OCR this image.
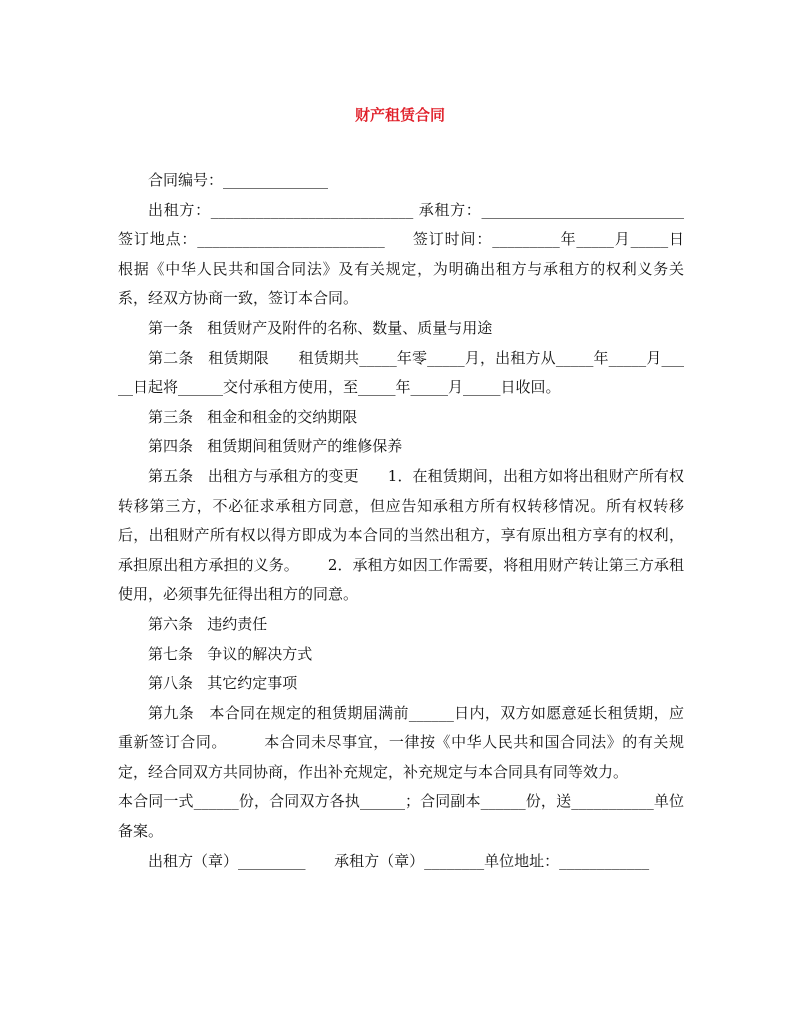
财产租赁合同

合同编号：______________

出租方：___________________________ 承租方：___________________________ 签订地点：_________________________     签订时间：_________年_____月_____日            根据《中华人民共和国合同法》及有关规定，为明确出租方与承租方的权利义务关系，经双方协商一致，签订本合同。

第一条   租赁财产及附件的名称、数量、质量与用途

第二条   租赁期限      租赁期共_____年零_____月，出租方从_____年_____月_____日起将______交付承租方使用，至_____年_____月_____日收回。

第三条   租金和租金的交纳期限

第四条   租赁期间租赁财产的维修保养

第五条   出租方与承租方的变更      1．在租赁期间，出租方如将出租财产所有权转移第三方，不必征求承租方同意，但应告知承租方所有权转移情况。所有权转移后，出租财产所有权以得方即成为本合同的当然出租方，享有原出租方享有的权利，承担原出租方承担的义务。      2．承租方如因工作需要，将租用财产转让第三方承租使用，必须事先征得出租方的同意。

第六条   违约责任

第七条   争议的解决方式

第八条   其它约定事项

第九条   本合同在规定的租赁期届满前______日内，双方如愿意延长租赁期，应重新签订合同。       本合同未尽事宜，一律按《中华人民共和国合同法》的有关规定，经合同双方共同协商，作出补充规定，补充规定与本合同具有同等效力。

本合同一式______份，合同双方各执______；合同副本______份，送___________单位备案。

出租方（章）_________      承租方（章）________单位地址：____________
